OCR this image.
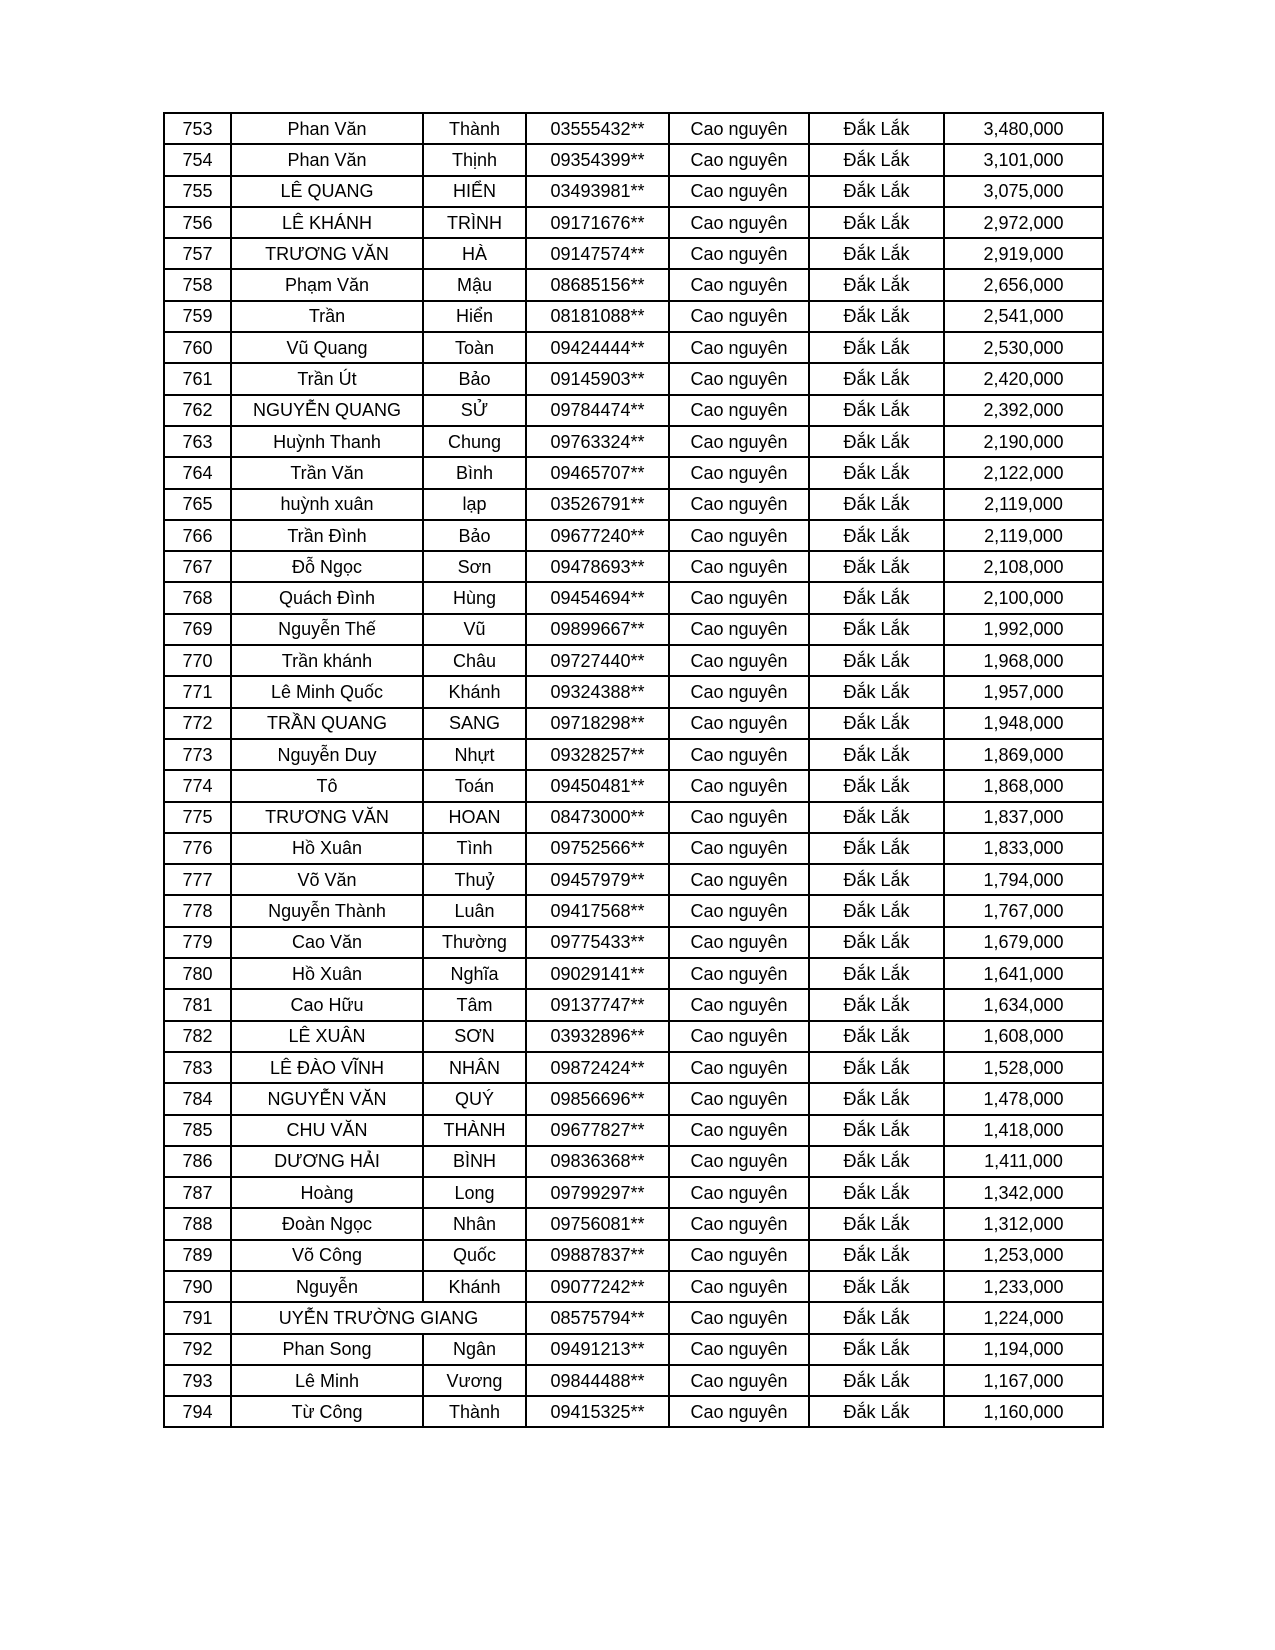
753	Phan Văn	Thành	03555432**	Cao nguyên	Đắk Lắk	3,480,000
754	Phan Văn	Thịnh	09354399**	Cao nguyên	Đắk Lắk	3,101,000
755	LÊ QUANG	HIỂN	03493981**	Cao nguyên	Đắk Lắk	3,075,000
756	LÊ KHÁNH	TRÌNH	09171676**	Cao nguyên	Đắk Lắk	2,972,000
757	TRƯƠNG VĂN	HÀ	09147574**	Cao nguyên	Đắk Lắk	2,919,000
758	Phạm Văn	Mậu	08685156**	Cao nguyên	Đắk Lắk	2,656,000
759	Trần	Hiển	08181088**	Cao nguyên	Đắk Lắk	2,541,000
760	Vũ Quang	Toàn	09424444**	Cao nguyên	Đắk Lắk	2,530,000
761	Trần Út	Bảo	09145903**	Cao nguyên	Đắk Lắk	2,420,000
762	NGUYỄN QUANG	SỬ	09784474**	Cao nguyên	Đắk Lắk	2,392,000
763	Huỳnh Thanh	Chung	09763324**	Cao nguyên	Đắk Lắk	2,190,000
764	Trần Văn	Bình	09465707**	Cao nguyên	Đắk Lắk	2,122,000
765	huỳnh xuân	lạp	03526791**	Cao nguyên	Đắk Lắk	2,119,000
766	Trần Đình	Bảo	09677240**	Cao nguyên	Đắk Lắk	2,119,000
767	Đỗ Ngọc	Sơn	09478693**	Cao nguyên	Đắk Lắk	2,108,000
768	Quách Đình	Hùng	09454694**	Cao nguyên	Đắk Lắk	2,100,000
769	Nguyễn Thế	Vũ	09899667**	Cao nguyên	Đắk Lắk	1,992,000
770	Trần khánh	Châu	09727440**	Cao nguyên	Đắk Lắk	1,968,000
771	Lê Minh Quốc	Khánh	09324388**	Cao nguyên	Đắk Lắk	1,957,000
772	TRẦN QUANG	SANG	09718298**	Cao nguyên	Đắk Lắk	1,948,000
773	Nguyễn Duy	Nhựt	09328257**	Cao nguyên	Đắk Lắk	1,869,000
774	Tô	Toán	09450481**	Cao nguyên	Đắk Lắk	1,868,000
775	TRƯƠNG VĂN	HOAN	08473000**	Cao nguyên	Đắk Lắk	1,837,000
776	Hồ Xuân	Tình	09752566**	Cao nguyên	Đắk Lắk	1,833,000
777	Võ Văn	Thuỷ	09457979**	Cao nguyên	Đắk Lắk	1,794,000
778	Nguyễn Thành	Luân	09417568**	Cao nguyên	Đắk Lắk	1,767,000
779	Cao Văn	Thường	09775433**	Cao nguyên	Đắk Lắk	1,679,000
780	Hồ Xuân	Nghĩa	09029141**	Cao nguyên	Đắk Lắk	1,641,000
781	Cao Hữu	Tâm	09137747**	Cao nguyên	Đắk Lắk	1,634,000
782	LÊ XUÂN	SƠN	03932896**	Cao nguyên	Đắk Lắk	1,608,000
783	LÊ ĐÀO VĨNH	NHÂN	09872424**	Cao nguyên	Đắk Lắk	1,528,000
784	NGUYỄN VĂN	QUÝ	09856696**	Cao nguyên	Đắk Lắk	1,478,000
785	CHU VĂN	THÀNH	09677827**	Cao nguyên	Đắk Lắk	1,418,000
786	DƯƠNG HẢI	BÌNH	09836368**	Cao nguyên	Đắk Lắk	1,411,000
787	Hoàng	Long	09799297**	Cao nguyên	Đắk Lắk	1,342,000
788	Đoàn Ngọc	Nhân	09756081**	Cao nguyên	Đắk Lắk	1,312,000
789	Võ Công	Quốc	09887837**	Cao nguyên	Đắk Lắk	1,253,000
790	Nguyễn	Khánh	09077242**	Cao nguyên	Đắk Lắk	1,233,000
791	UYỄN TRƯỜNG GIANG		08575794**	Cao nguyên	Đắk Lắk	1,224,000
792	Phan Song	Ngân	09491213**	Cao nguyên	Đắk Lắk	1,194,000
793	Lê Minh	Vương	09844488**	Cao nguyên	Đắk Lắk	1,167,000
794	Từ Công	Thành	09415325**	Cao nguyên	Đắk Lắk	1,160,000
